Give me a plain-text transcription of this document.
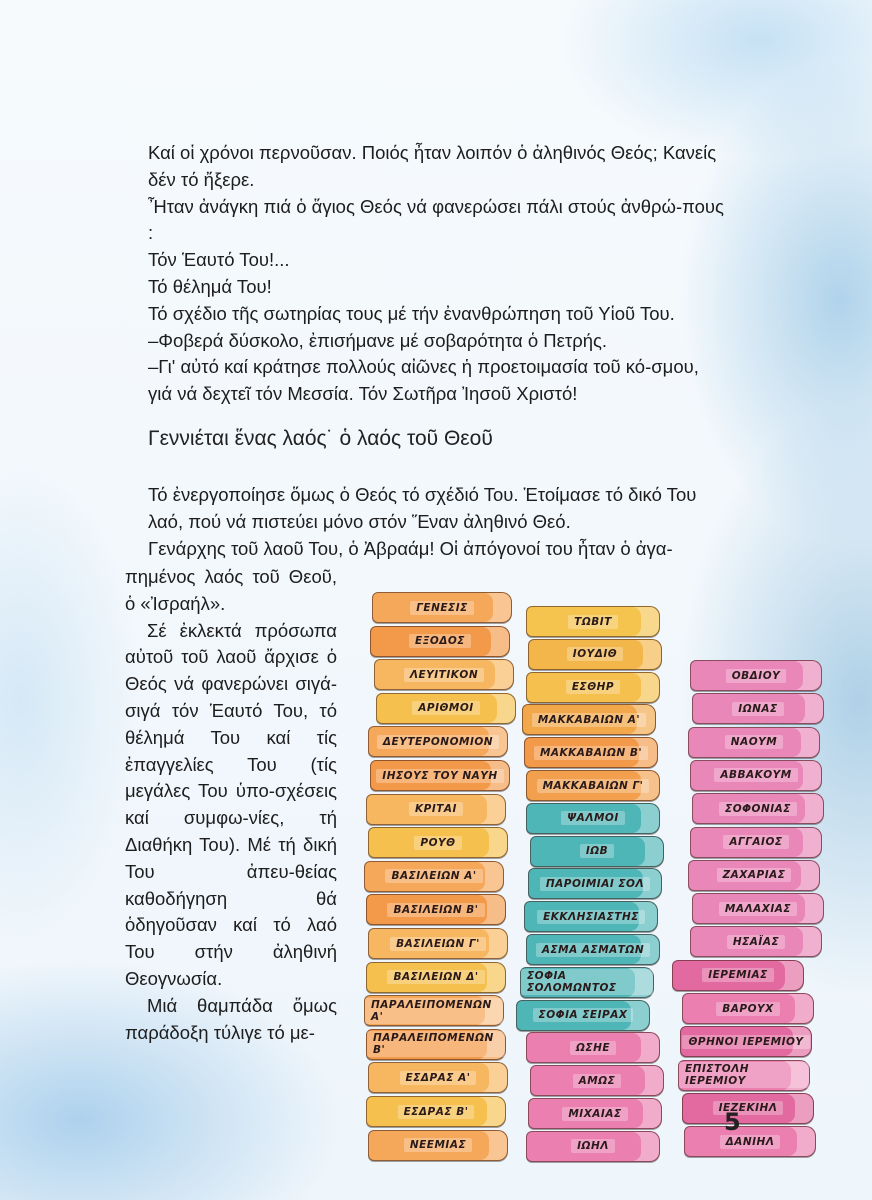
Καί οἱ χρόνοι περνοῦσαν. Ποιός ἦταν λοιπόν ὁ ἀληθινός Θεός; Κανείς δέν τό ἤξερε.

Ἦταν ἀνάγκη πιά ὁ ἅγιος Θεός νά φανερώσει πάλι στούς ἀνθρώ-πους :

Τόν Ἑαυτό Του!...

Τό θέλημά Του!

Τό σχέδιο τῆς σωτηρίας τους μέ τήν ἐνανθρώπηση τοῦ Υἱοῦ Του.

–Φοβερά δύσκολο, ἐπισήμανε μέ σοβαρότητα ὁ Πετρής.

–Γι' αὐτό καί κράτησε πολλούς αἰῶνες ἡ προετοιμασία τοῦ κό-σμου, γιά νά δεχτεῖ τόν Μεσσία. Τόν Σωτῆρα Ἰησοῦ Χριστό!

Γεννιέται ἕνας λαός˙ ὁ λαός τοῦ Θεοῦ

Τό ἐνεργοποίησε ὅμως ὁ Θεός τό σχέδιό Του. Ἑτοίμασε τό δικό Του λαό, πού νά πιστεύει μόνο στόν Ἕναν ἀληθινό Θεό.

Γενάρχης τοῦ λαοῦ Του, ὁ Ἀβραάμ! Οἱ ἀπόγονοί του ἦταν ὁ ἀγα-

πημένος λαός τοῦ Θεοῦ, ὁ «Ἰσραήλ».

Σέ ἐκλεκτά πρόσωπα αὐτοῦ τοῦ λαοῦ ἄρχισε ὁ Θεός νά φανερώνει σιγά-σιγά τόν Ἑαυτό Του, τό θέλημά Του καί τίς ἐπαγγελίες Του (τίς μεγάλες Του ὑπο-σχέσεις καί συμφω-νίες, τή Διαθήκη Του). Μέ τή δική Του ἀπευ-θείας καθοδήγηση θά ὁδηγοῦσαν καί τό λαό Του στήν ἀληθινή Θεογνωσία.

Μιά θαμπάδα ὅμως παράδοξη τύλιγε τό με-

ΓΕΝΕΣΙΣ
ΕΞΟΔΟΣ
ΛΕΥΙΤΙΚΟΝ
ΑΡΙΘΜΟΙ
ΔΕΥΤΕΡΟΝΟΜΙΟΝ
ΙΗΣΟΥΣ ΤΟΥ ΝΑΥΗ
ΚΡΙΤΑΙ
ΡΟΥΘ
ΒΑΣΙΛΕΙΩΝ Α'
ΒΑΣΙΛΕΙΩΝ Β'
ΒΑΣΙΛΕΙΩΝ Γ'
ΒΑΣΙΛΕΙΩΝ Δ'
ΠΑΡΑΛΕΙΠΟΜΕΝΩΝ Α'
ΠΑΡΑΛΕΙΠΟΜΕΝΩΝ Β'
ΕΣΔΡΑΣ Α'
ΕΣΔΡΑΣ Β'
ΝΕΕΜΙΑΣ
ΤΩΒΙΤ
ΙΟΥΔΙΘ
ΕΣΘΗΡ
ΜΑΚΚΑΒΑΙΩΝ Α'
ΜΑΚΚΑΒΑΙΩΝ Β'
ΜΑΚΚΑΒΑΙΩΝ Γ'
ΨΑΛΜΟΙ
ΙΩΒ
ΠΑΡΟΙΜΙΑΙ ΣΟΛ
ΕΚΚΛΗΣΙΑΣΤΗΣ
ΑΣΜΑ ΑΣΜΑΤΩΝ
ΣΟΦΙΑ ΣΟΛΟΜΩΝΤΟΣ
ΣΟΦΙΑ ΣΕΙΡΑΧ
ΩΣΗΕ
ΑΜΩΣ
ΜΙΧΑΙΑΣ
ΙΩΗΛ
ΟΒΔΙΟΥ
ΙΩΝΑΣ
ΝΑΟΥΜ
ΑΒΒΑΚΟΥΜ
ΣΟΦΟΝΙΑΣ
ΑΓΓΑΙΟΣ
ΖΑΧΑΡΙΑΣ
ΜΑΛΑΧΙΑΣ
ΗΣΑΪΑΣ
ΙΕΡΕΜΙΑΣ
ΒΑΡΟΥΧ
ΘΡΗΝΟΙ ΙΕΡΕΜΙΟΥ
ΕΠΙΣΤΟΛΗ ΙΕΡΕΜΙΟΥ
ΙΕΖΕΚΙΗΛ
ΔΑΝΙΗΛ
5
